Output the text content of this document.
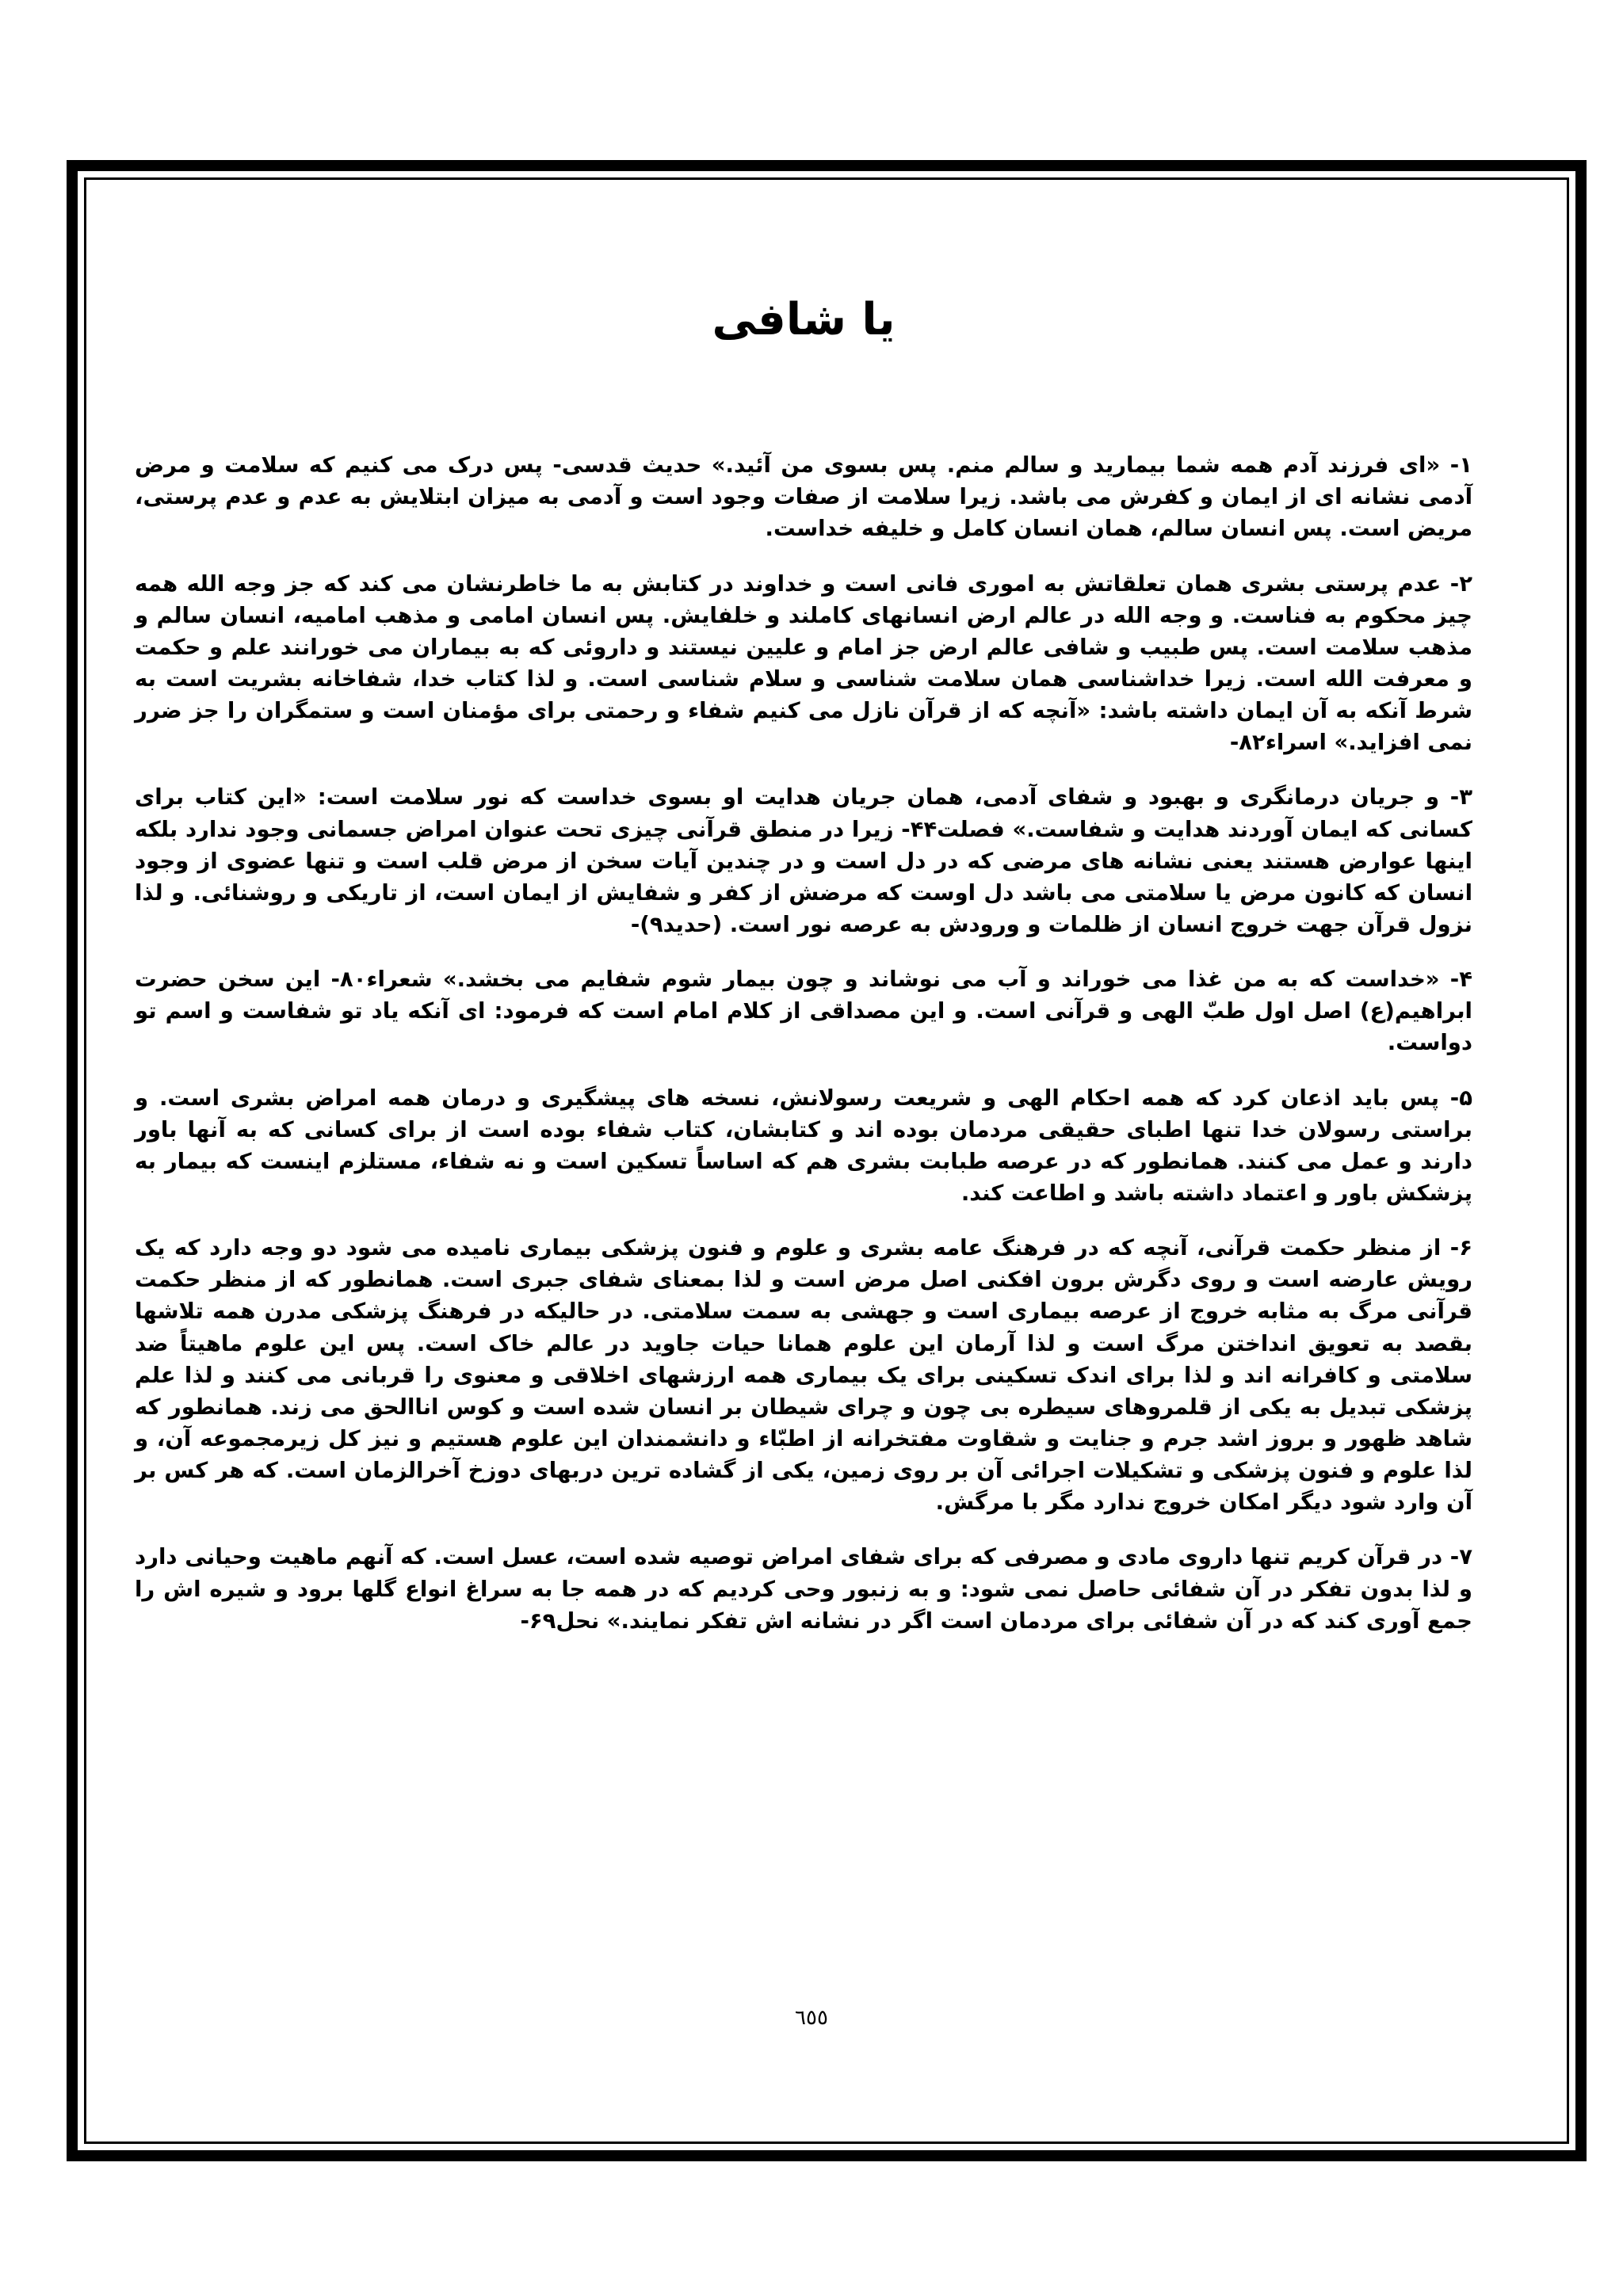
یا شافی

۱- «ای فرزند آدم همه شما بیمارید و سالم منم. پس بسوی من آئید.» حدیث قدسی- پس درک می کنیم که سلامت و مرض آدمی نشانه ای از ایمان و کفرش می باشد. زیرا سلامت از صفات وجود است و آدمی به میزان ابتلایش به عدم و عدم پرستی، مریض است. پس انسان سالم، همان انسان کامل و خلیفه خداست.

۲- عدم پرستی بشری همان تعلقاتش به اموری فانی است و خداوند در کتابش به ما خاطرنشان می کند که جز وجه الله همه چیز محکوم به فناست. و وجه الله در عالم ارض انسانهای کاملند و خلفایش. پس انسان امامی و مذهب امامیه، انسان سالم و مذهب سلامت است. پس طبیب و شافی عالم ارض جز امام و علیین نیستند و داروئی که به بیماران می خورانند علم و حکمت و معرفت الله است. زیرا خداشناسی همان سلامت شناسی و سلام شناسی است. و لذا کتاب خدا، شفاخانه بشریت است به شرط آنکه به آن ایمان داشته باشد: «آنچه که از قرآن نازل می کنیم شفاء و رحمتی برای مؤمنان است و ستمگران را جز ضرر نمی افزاید.» اسراء۸۲-

۳- و جریان درمانگری و بهبود و شفای آدمی، همان جریان هدایت او بسوی خداست که نور سلامت است: «این کتاب برای کسانی که ایمان آوردند هدایت و شفاست.» فصلت۴۴- زیرا در منطق قرآنی چیزی تحت عنوان امراض جسمانی وجود ندارد بلکه اینها عوارض هستند یعنی نشانه های مرضی که در دل است و در چندین آیات سخن از مرض قلب است و تنها عضوی از وجود انسان که کانون مرض یا سلامتی می باشد دل اوست که مرضش از کفر و شفایش از ایمان است، از تاریکی و روشنائی. و لذا نزول قرآن جهت خروج انسان از ظلمات و ورودش به عرصه نور است. (حدید۹)-

۴- «خداست که به من غذا می خوراند و آب می نوشاند و چون بیمار شوم شفایم می بخشد.» شعراء۸۰- این سخن حضرت ابراهیم(ع) اصل اول طبّ الهی و قرآنی است. و این مصداقی از کلام امام است که فرمود: ای آنکه یاد تو شفاست و اسم تو دواست.

۵- پس باید اذعان کرد که همه احکام الهی و شریعت رسولانش، نسخه های پیشگیری و درمان همه امراض بشری است. و براستی رسولان خدا تنها اطبای حقیقی مردمان بوده اند و کتابشان، کتاب شفاء بوده است از برای کسانی که به آنها باور دارند و عمل می کنند. همانطور که در عرصه طبابت بشری هم که اساساً تسکین است و نه شفاء، مستلزم اینست که بیمار به پزشکش باور و اعتماد داشته باشد و اطاعت کند.

۶- از منظر حکمت قرآنی، آنچه که در فرهنگ عامه بشری و علوم و فنون پزشکی بیماری نامیده می شود دو وجه دارد که یک رویش عارضه است و روی دگرش برون افکنی اصل مرض است و لذا بمعنای شفای جبری است. همانطور که از منظر حکمت قرآنی مرگ به مثابه خروج از عرصه بیماری است و جهشی به سمت سلامتی. در حالیکه در فرهنگ پزشکی مدرن همه تلاشها بقصد به تعویق انداختن مرگ است و لذا آرمان این علوم همانا حیات جاوید در عالم خاک است. پس این علوم ماهیتاً ضد سلامتی و کافرانه اند و لذا برای اندک تسکینی برای یک بیماری همه ارزشهای اخلاقی و معنوی را قربانی می کنند و لذا علم پزشکی تبدیل به یکی از قلمروهای سیطره بی چون و چرای شیطان بر انسان شده است و کوس اناالحق می زند. همانطور که شاهد ظهور و بروز اشد جرم و جنایت و شقاوت مفتخرانه از اطبّاء و دانشمندان این علوم هستیم و نیز کل زیرمجموعه آن، و لذا علوم و فنون پزشکی و تشکیلات اجرائی آن بر روی زمین، یکی از گشاده ترین دربهای دوزخ آخرالزمان است. که هر کس بر آن وارد شود دیگر امکان خروج ندارد مگر با مرگش.

۷- در قرآن کریم تنها داروی مادی و مصرفی که برای شفای امراض توصیه شده است، عسل است. که آنهم ماهیت وحیانی دارد و لذا بدون تفکر در آن شفائی حاصل نمی شود: و به زنبور وحی کردیم که در همه جا به سراغ انواع گلها برود و شیره اش را جمع آوری کند که در آن شفائی برای مردمان است اگر در نشانه اش تفکر نمایند.» نحل۶۹-

٦٥٥
